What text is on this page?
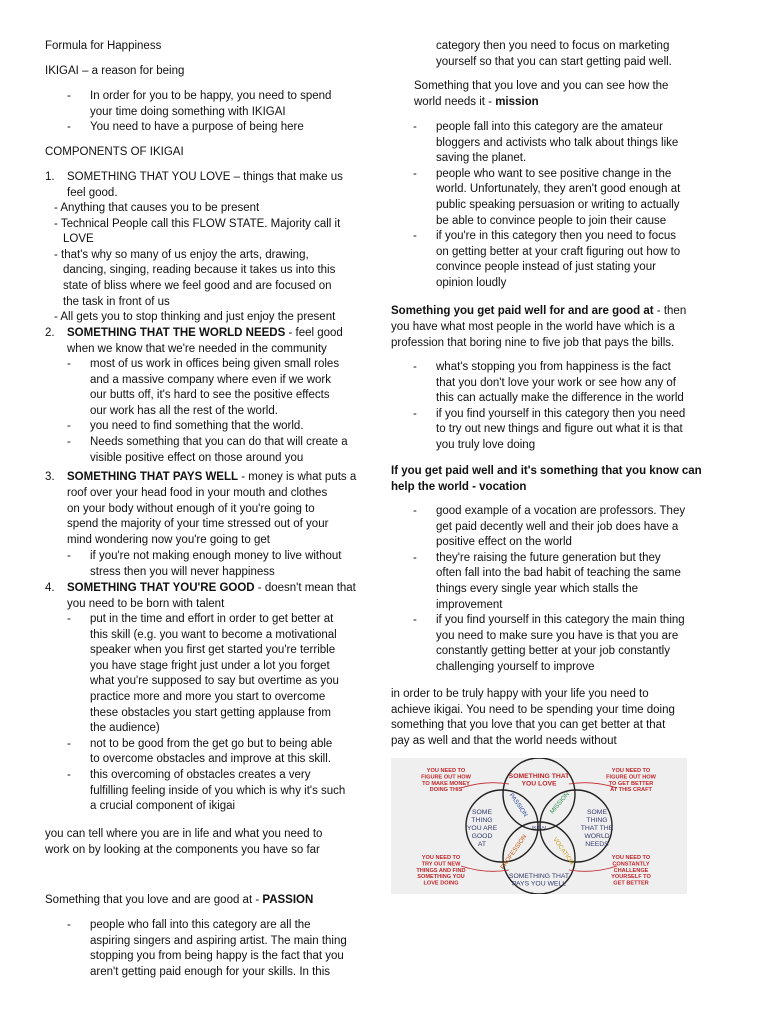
Formula for Happiness
IKIGAI – a reason for being
- In order for you to be happy, you need to spend
your time doing something with IKIGAI
- You need to have a purpose of being here
COMPONENTS OF IKIGAI
1. SOMETHING THAT YOU LOVE – things that make us
feel good.
- Anything that causes you to be present
- Technical People call this FLOW STATE. Majority call it
LOVE
- that's why so many of us enjoy the arts, drawing,
dancing, singing, reading because it takes us into this
state of bliss where we feel good and are focused on
the task in front of us
- All gets you to stop thinking and just enjoy the present
2. SOMETHING THAT THE WORLD NEEDS - feel good
when we know that we're needed in the community
- most of us work in offices being given small roles
and a massive company where even if we work
our butts off, it's hard to see the positive effects
our work has all the rest of the world.
- you need to find something that the world.
- Needs something that you can do that will create a
visible positive effect on those around you
3. SOMETHING THAT PAYS WELL - money is what puts a
roof over your head food in your mouth and clothes
on your body without enough of it you're going to
spend the majority of your time stressed out of your
mind wondering now you're going to get
- if you're not making enough money to live without
stress then you will never happiness
4. SOMETHING THAT YOU'RE GOOD - doesn't mean that
you need to be born with talent
- put in the time and effort in order to get better at
this skill (e.g. you want to become a motivational
speaker when you first get started you're terrible
you have stage fright just under a lot you forget
what you're supposed to say but overtime as you
practice more and more you start to overcome
these obstacles you start getting applause from
the audience)
- not to be good from the get go but to being able
to overcome obstacles and improve at this skill.
- this overcoming of obstacles creates a very
fulfilling feeling inside of you which is why it's such
a crucial component of ikigai
you can tell where you are in life and what you need to
work on by looking at the components you have so far
Something that you love and are good at - PASSION
- people who fall into this category are all the
aspiring singers and aspiring artist. The main thing
stopping you from being happy is the fact that you
aren't getting paid enough for your skills. In this
category then you need to focus on marketing
yourself so that you can start getting paid well.
Something that you love and you can see how the
world needs it - mission
- people fall into this category are the amateur
bloggers and activists who talk about things like
saving the planet.
- people who want to see positive change in the
world. Unfortunately, they aren't good enough at
public speaking persuasion or writing to actually
be able to convince people to join their cause
- if you're in this category then you need to focus
on getting better at your craft figuring out how to
convince people instead of just stating your
opinion loudly
Something you get paid well for and are good at - then
you have what most people in the world have which is a
profession that boring nine to five job that pays the bills.
- what's stopping you from happiness is the fact
that you don't love your work or see how any of
this can actually make the difference in the world
- if you find yourself in this category then you need
to try out new things and figure out what it is that
you truly love doing
If you get paid well and it's something that you know can
help the world - vocation
- good example of a vocation are professors. They
get paid decently well and their job does have a
positive effect on the world
- they're raising the future generation but they
often fall into the bad habit of teaching the same
things every single year which stalls the
improvement
- if you find yourself in this category the main thing
you need to make sure you have is that you are
constantly getting better at your job constantly
challenging yourself to improve
in order to be truly happy with your life you need to
achieve ikigai. You need to be spending your time doing
something that you love that you can get better at that
pay as well and that the world needs without
SOMETHING THAT YOU LOVE
SOME THING YOU ARE GOOD AT
SOME THING THAT THE WORLD NEEDS
SOMETHING THAT PAYS YOU WELL
IKIGAI
YOU NEED TO FIGURE OUT HOW TO MAKE MONEY DOING THIS
YOU NEED TO FIGURE OUT HOW TO GET BETTER AT THIS CRAFT
YOU NEED TO TRY OUT NEW THINGS AND FIND SOMETHING YOU LOVE DOING
YOU NEED TO CONSTANTLY CHALLENGE YOURSELF TO GET BETTER
PASSION	MISSION
PROFESSION	VOCATION
